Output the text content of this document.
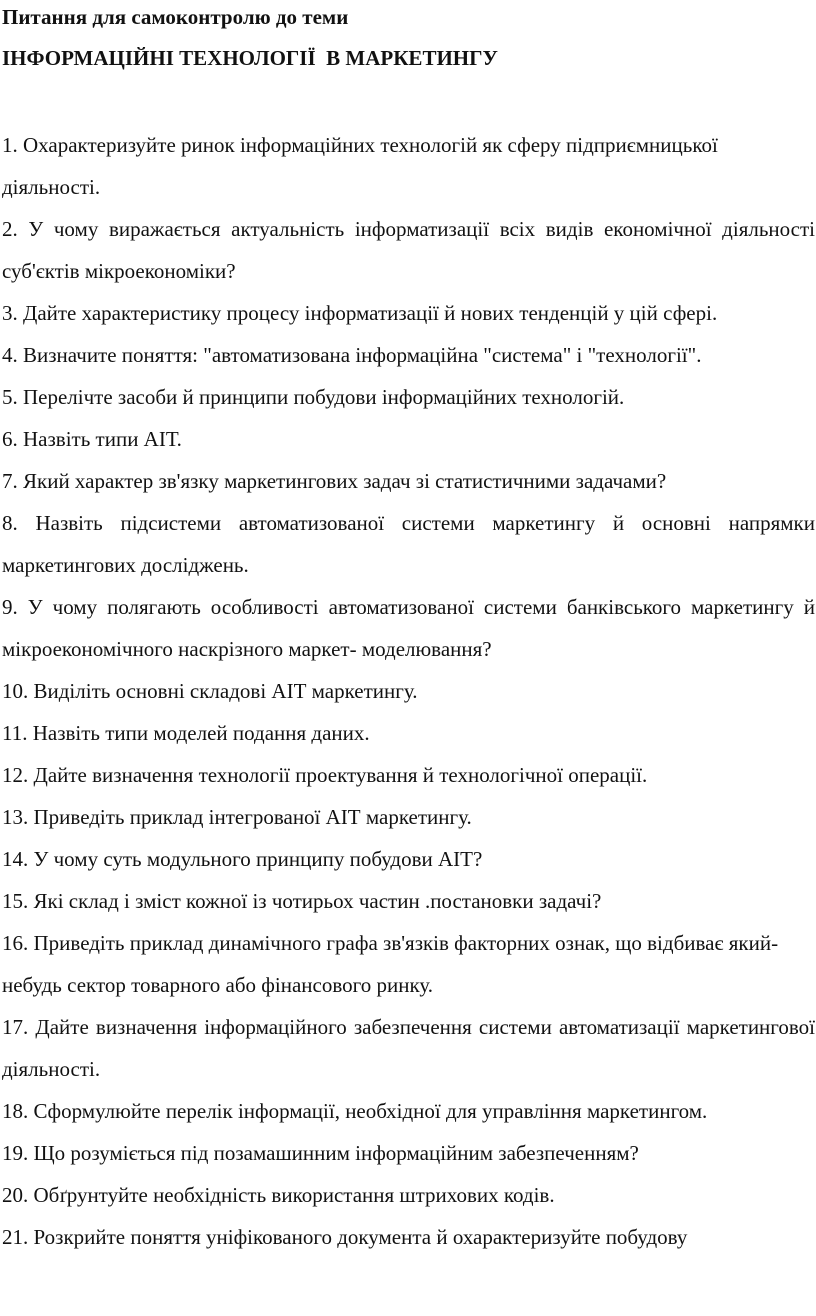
Питання для самоконтролю до теми
ІНФОРМАЦІЙНІ ТЕХНОЛОГІЇ  В МАРКЕТИНГУ
1. Охарактеризуйте ринок інформаційних технологій як сферу підприємницької діяльності.
2. У чому виражається актуальність інформатизації всіх видів економічної діяльності суб'єктів мікроекономіки?
3. Дайте характеристику процесу інформатизації й нових тенденцій у цій сфері.
4. Визначите поняття: "автоматизована інформаційна "система" і "технології".
5. Перелічте засоби й принципи побудови інформаційних технологій.
6. Назвіть типи АІТ.
7. Який характер зв'язку маркетингових задач зі статистичними задачами?
8. Назвіть підсистеми автоматизованої системи маркетингу й основні напрямки маркетингових досліджень.
9. У чому полягають особливості автоматизованої системи банківського маркетингу й мікроекономічного наскрізного маркет- моделювання?
10. Виділіть основні складові АІТ маркетингу.
11. Назвіть типи моделей подання даних.
12. Дайте визначення технології проектування й технологічної операції.
13. Приведіть приклад інтегрованої АІТ маркетингу.
14. У чому суть модульного принципу побудови АІТ?
15. Які склад і зміст кожної із чотирьох частин .постановки задачі?
16. Приведіть приклад динамічного графа зв'язків факторних ознак, що відбиває який-небудь сектор товарного або фінансового ринку.
17. Дайте визначення інформаційного забезпечення системи автоматизації маркетингової діяльності.
18. Сформулюйте перелік інформації, необхідної для управління маркетингом.
19. Що розуміється під позамашинним інформаційним забезпеченням?
20. Обґрунтуйте необхідність використання штрихових кодів.
21. Розкрийте поняття уніфікованого документа й охарактеризуйте побудову
